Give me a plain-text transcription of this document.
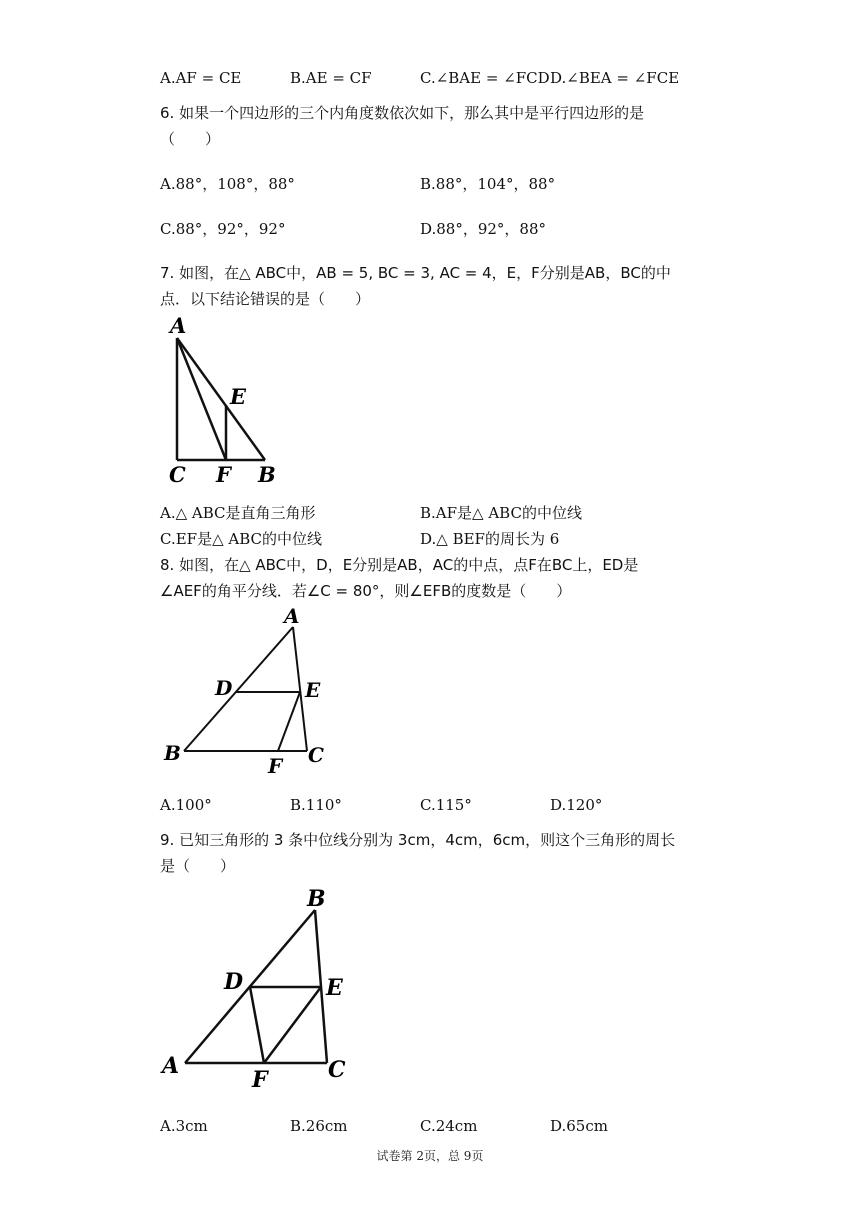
A.AF = CE	B.AE = CF	C.∠BAE = ∠FCD D.∠BEA = ∠FCE
6. 如果一个四边形的三个内角度数依次如下，那么其中是平行四边形的是
（　　）
A.88°，108°，88°	B.88°，104°，88°
C.88°，92°，92°	D.88°，92°，88°
7. 如图，在△ ABC中，AB = 5, BC = 3, AC = 4，E，F分别是AB，BC的中
点．以下结论错误的是（　　）
A
E
C F B
A.△ ABC是直角三角形	B.AF是△ ABC的中位线
C.EF是△ ABC的中位线	D.△ BEF的周长为 6
8. 如图，在△ ABC中，D，E分别是AB，AC的中点，点F在BC上，ED是
∠AEF的角平分线．若∠C = 80°，则∠EFB的度数是（　　）
A
D	E
B
F C
A.100°	B.110°	C.115°	D.120°
9. 已知三角形的 3 条中位线分别为 3cm，4cm，6cm，则这个三角形的周长
是（　　）
B
D	E
A
F	C
A.3cm	B.26cm	C.24cm	D.65cm
试卷第 2页，总 9页
